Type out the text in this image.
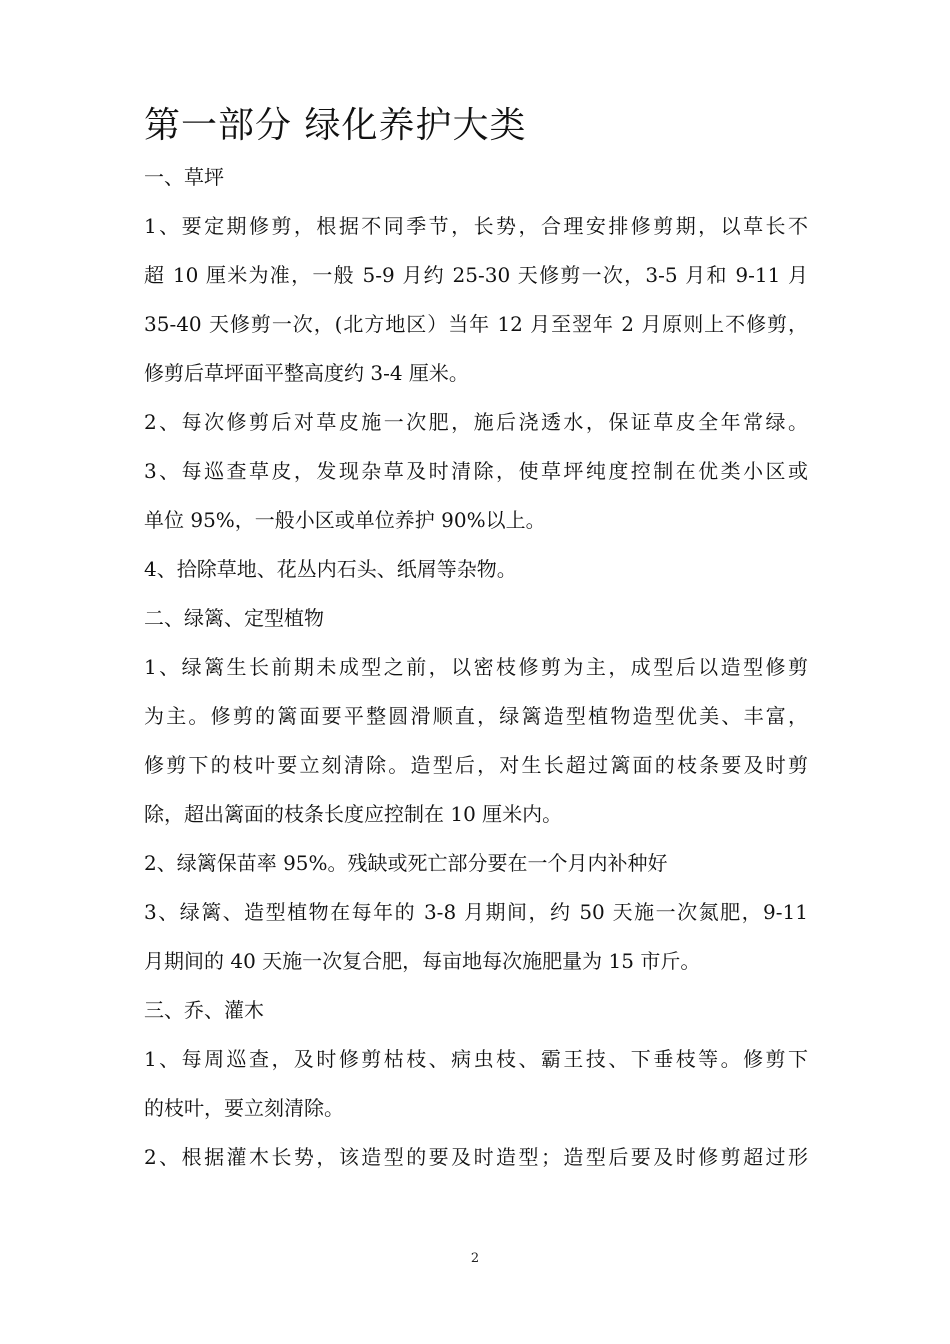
第一部分 绿化养护大类
一、草坪
1、要定期修剪，根据不同季节，长势，合理安排修剪期，以草长不
超 10 厘米为准，一般 5-9 月约 25-30 天修剪一次，3-5 月和 9-11 月
35-40 天修剪一次，(北方地区）当年 12 月至翌年 2 月原则上不修剪，
修剪后草坪面平整高度约 3-4 厘米。
2、每次修剪后对草皮施一次肥，施后浇透水，保证草皮全年常绿。
3、每巡查草皮，发现杂草及时清除，使草坪纯度控制在优类小区或
单位 95%，一般小区或单位养护 90%以上。
4、拾除草地、花丛内石头、纸屑等杂物。
二、绿篱、定型植物
1、绿篱生长前期未成型之前，以密枝修剪为主，成型后以造型修剪
为主。修剪的篱面要平整圆滑顺直，绿篱造型植物造型优美、丰富，
修剪下的枝叶要立刻清除。造型后，对生长超过篱面的枝条要及时剪
除，超出篱面的枝条长度应控制在 10 厘米内。
2、绿篱保苗率 95%。残缺或死亡部分要在一个月内补种好
3、绿篱、造型植物在每年的 3-8 月期间，约 50 天施一次氮肥，9-11
月期间的 40 天施一次复合肥，每亩地每次施肥量为 15 市斤。
三、乔、灌木
1、每周巡查，及时修剪枯枝、病虫枝、霸王技、下垂枝等。修剪下
的枝叶，要立刻清除。
2、根据灌木长势，该造型的要及时造型；造型后要及时修剪超过形
2
